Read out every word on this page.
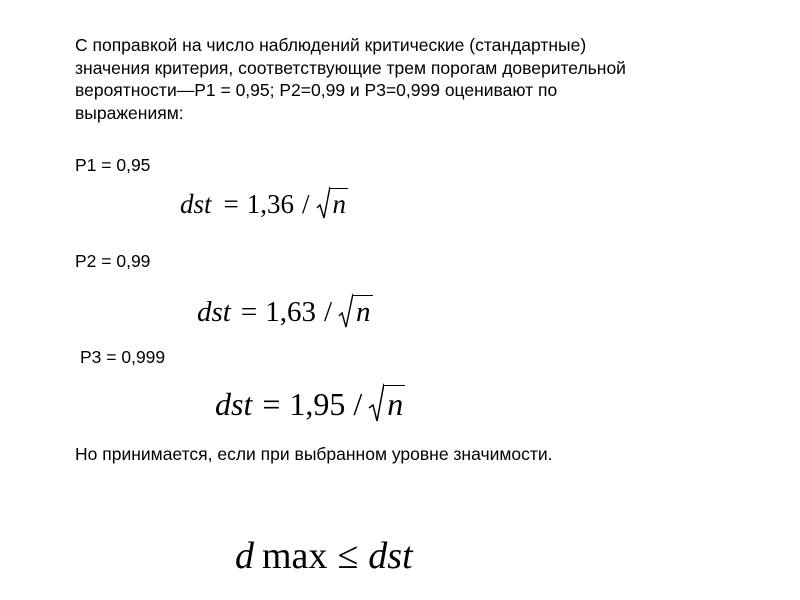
С поправкой на число наблюдений критические (стандартные)
значения критерия, соответствующие трем порогам доверительной
вероятности—Р1 = 0,95; Р2=0,99 и Р3=0,999 оценивают по
выражениям:
Р1 = 0,95
dst = 1,36 / n
Р2 = 0,99
dst = 1,63 / n
Р3 = 0,999
dst = 1,95 / n
Но принимается, если при выбранном уровне значимости.
d max ≤ dst
